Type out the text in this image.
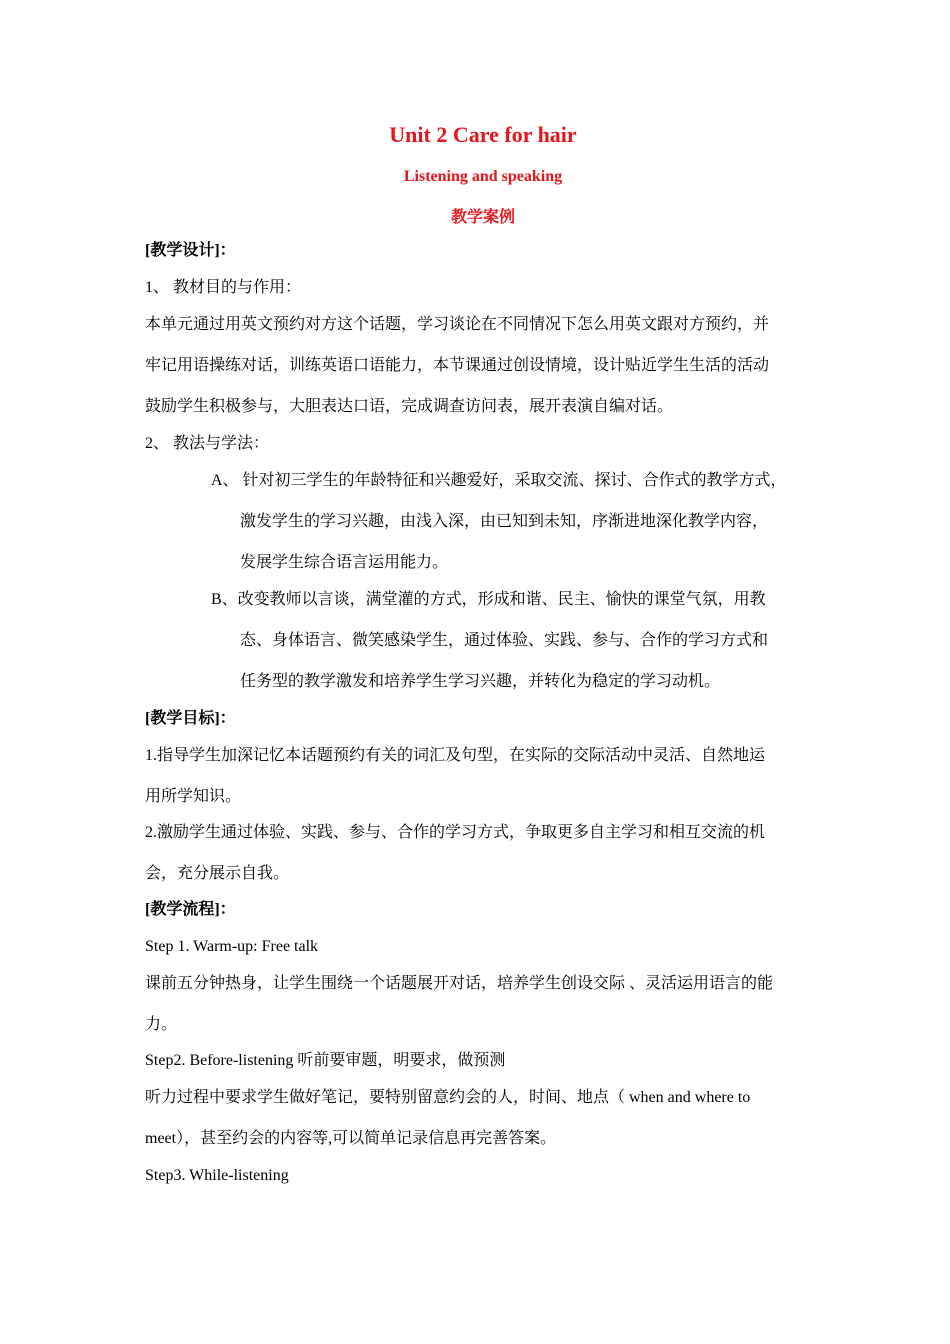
Unit 2 Care for hair
Listening and speaking
教学案例
[教学设计]：
1、 教材目的与作用：
本单元通过用英文预约对方这个话题，学习谈论在不同情况下怎么用英文跟对方预约，并
牢记用语操练对话，训练英语口语能力，本节课通过创设情境，设计贴近学生生活的活动
鼓励学生积极参与，大胆表达口语，完成调查访问表，展开表演自编对话。
2、 教法与学法：
A、 针对初三学生的年龄特征和兴趣爱好，采取交流、探讨、合作式的教学方式，
激发学生的学习兴趣，由浅入深，由已知到未知，序渐进地深化教学内容，
发展学生综合语言运用能力。
B、改变教师以言谈，满堂灌的方式，形成和谐、民主、愉快的课堂气氛，用教
态、身体语言、微笑感染学生，通过体验、实践、参与、合作的学习方式和
任务型的教学激发和培养学生学习兴趣，并转化为稳定的学习动机。
[教学目标]：
1.指导学生加深记忆本话题预约有关的词汇及句型，在实际的交际活动中灵活、自然地运
用所学知识。
2.激励学生通过体验、实践、参与、合作的学习方式，争取更多自主学习和相互交流的机
会，充分展示自我。
[教学流程]：
Step 1. Warm-up: Free talk
课前五分钟热身，让学生围绕一个话题展开对话，培养学生创设交际 、灵活运用语言的能
力。
Step2. Before-listening 听前要审题，明要求，做预测
听力过程中要求学生做好笔记，要特别留意约会的人，时间、地点（ when and where to
meet），甚至约会的内容等,可以简单记录信息再完善答案。
Step3. While-listening
